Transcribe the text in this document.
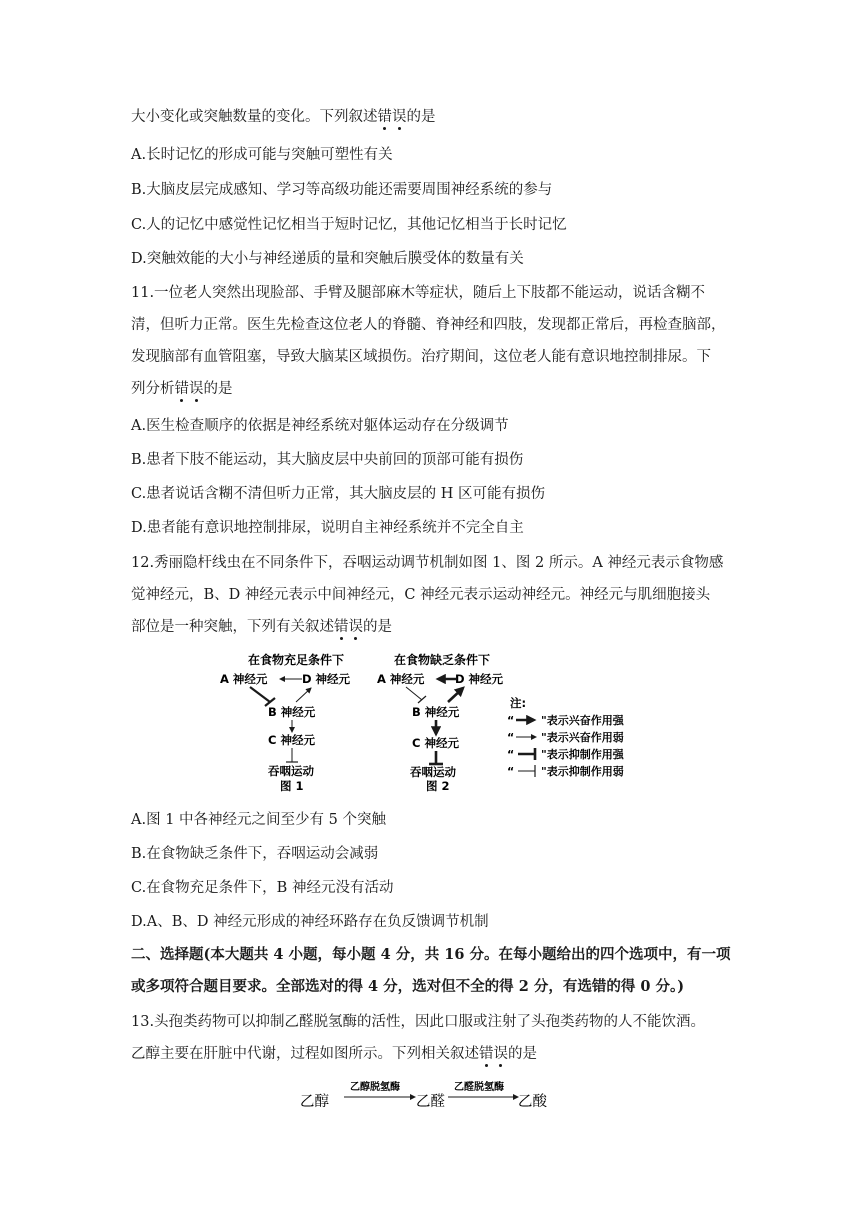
大小变化或突触数量的变化。下列叙述错误的是
A.长时记忆的形成可能与突触可塑性有关
B.大脑皮层完成感知、学习等高级功能还需要周围神经系统的参与
C.人的记忆中感觉性记忆相当于短时记忆，其他记忆相当于长时记忆
D.突触效能的大小与神经递质的量和突触后膜受体的数量有关
11.一位老人突然出现脸部、手臂及腿部麻木等症状，随后上下肢都不能运动，说话含糊不
清，但听力正常。医生先检查这位老人的脊髓、脊神经和四肢，发现都正常后，再检查脑部，
发现脑部有血管阻塞，导致大脑某区域损伤。治疗期间，这位老人能有意识地控制排尿。下
列分析错误的是
A.医生检查顺序的依据是神经系统对躯体运动存在分级调节
B.患者下肢不能运动，其大脑皮层中央前回的顶部可能有损伤
C.患者说话含糊不清但听力正常，其大脑皮层的 H 区可能有损伤
D.患者能有意识地控制排尿，说明自主神经系统并不完全自主
12.秀丽隐杆线虫在不同条件下，吞咽运动调节机制如图 1、图 2 所示。A 神经元表示食物感
觉神经元，B、D 神经元表示中间神经元，C 神经元表示运动神经元。神经元与肌细胞接头
部位是一种突触，下列有关叙述错误的是
在食物充足条件下
A 神经元	D 神经元
B 神经元
C 神经元
吞咽运动
图 1
在食物缺乏条件下
A 神经元	D 神经元
B 神经元
C 神经元
吞咽运动
图 2
注:
“ "表示兴奋作用强
“ "表示兴奋作用弱
“ "表示抑制作用强
“ "表示抑制作用弱
A.图 1 中各神经元之间至少有 5 个突触
B.在食物缺乏条件下，吞咽运动会减弱
C.在食物充足条件下，B 神经元没有活动
D.A、B、D 神经元形成的神经环路存在负反馈调节机制
二、选择题(本大题共 4 小题，每小题 4 分，共 16 分。在每小题给出的四个选项中，有一项
或多项符合题目要求。全部选对的得 4 分，选对但不全的得 2 分，有选错的得 0 分。)
13.头孢类药物可以抑制乙醛脱氢酶的活性，因此口服或注射了头孢类药物的人不能饮酒。
乙醇主要在肝脏中代谢，过程如图所示。下列相关叙述错误的是
乙醇
乙醇脱氢酶
乙醛
乙醛脱氢酶
乙酸
